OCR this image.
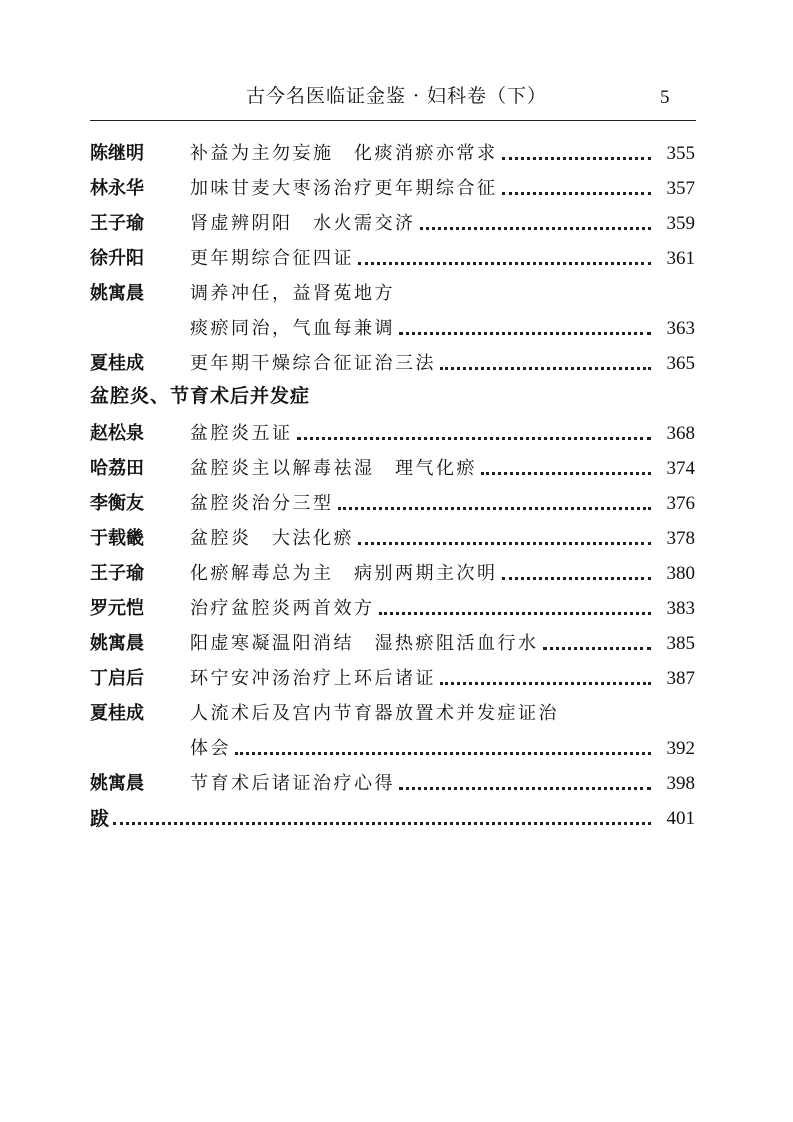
古今名医临证金鉴 · 妇科卷（下）	5
陈继明	补益为主勿妄施　化痰消瘀亦常求	355
林永华	加味甘麦大枣汤治疗更年期综合征	357
王子瑜	肾虚辨阴阳　水火需交济	359
徐升阳	更年期综合征四证	361
姚寓晨	调养冲任，益肾菟地方
痰瘀同治，气血每兼调	363
夏桂成	更年期干燥综合征证治三法	365
盆腔炎、节育术后并发症
赵松泉	盆腔炎五证	368
哈荔田	盆腔炎主以解毒祛湿　理气化瘀	374
李衡友	盆腔炎治分三型	376
于载畿	盆腔炎　大法化瘀	378
王子瑜	化瘀解毒总为主　病别两期主次明	380
罗元恺	治疗盆腔炎两首效方	383
姚寓晨	阳虚寒凝温阳消结　湿热瘀阻活血行水	385
丁启后	环宁安冲汤治疗上环后诸证	387
夏桂成	人流术后及宫内节育器放置术并发症证治
体会	392
姚寓晨	节育术后诸证治疗心得	398
跋	401
